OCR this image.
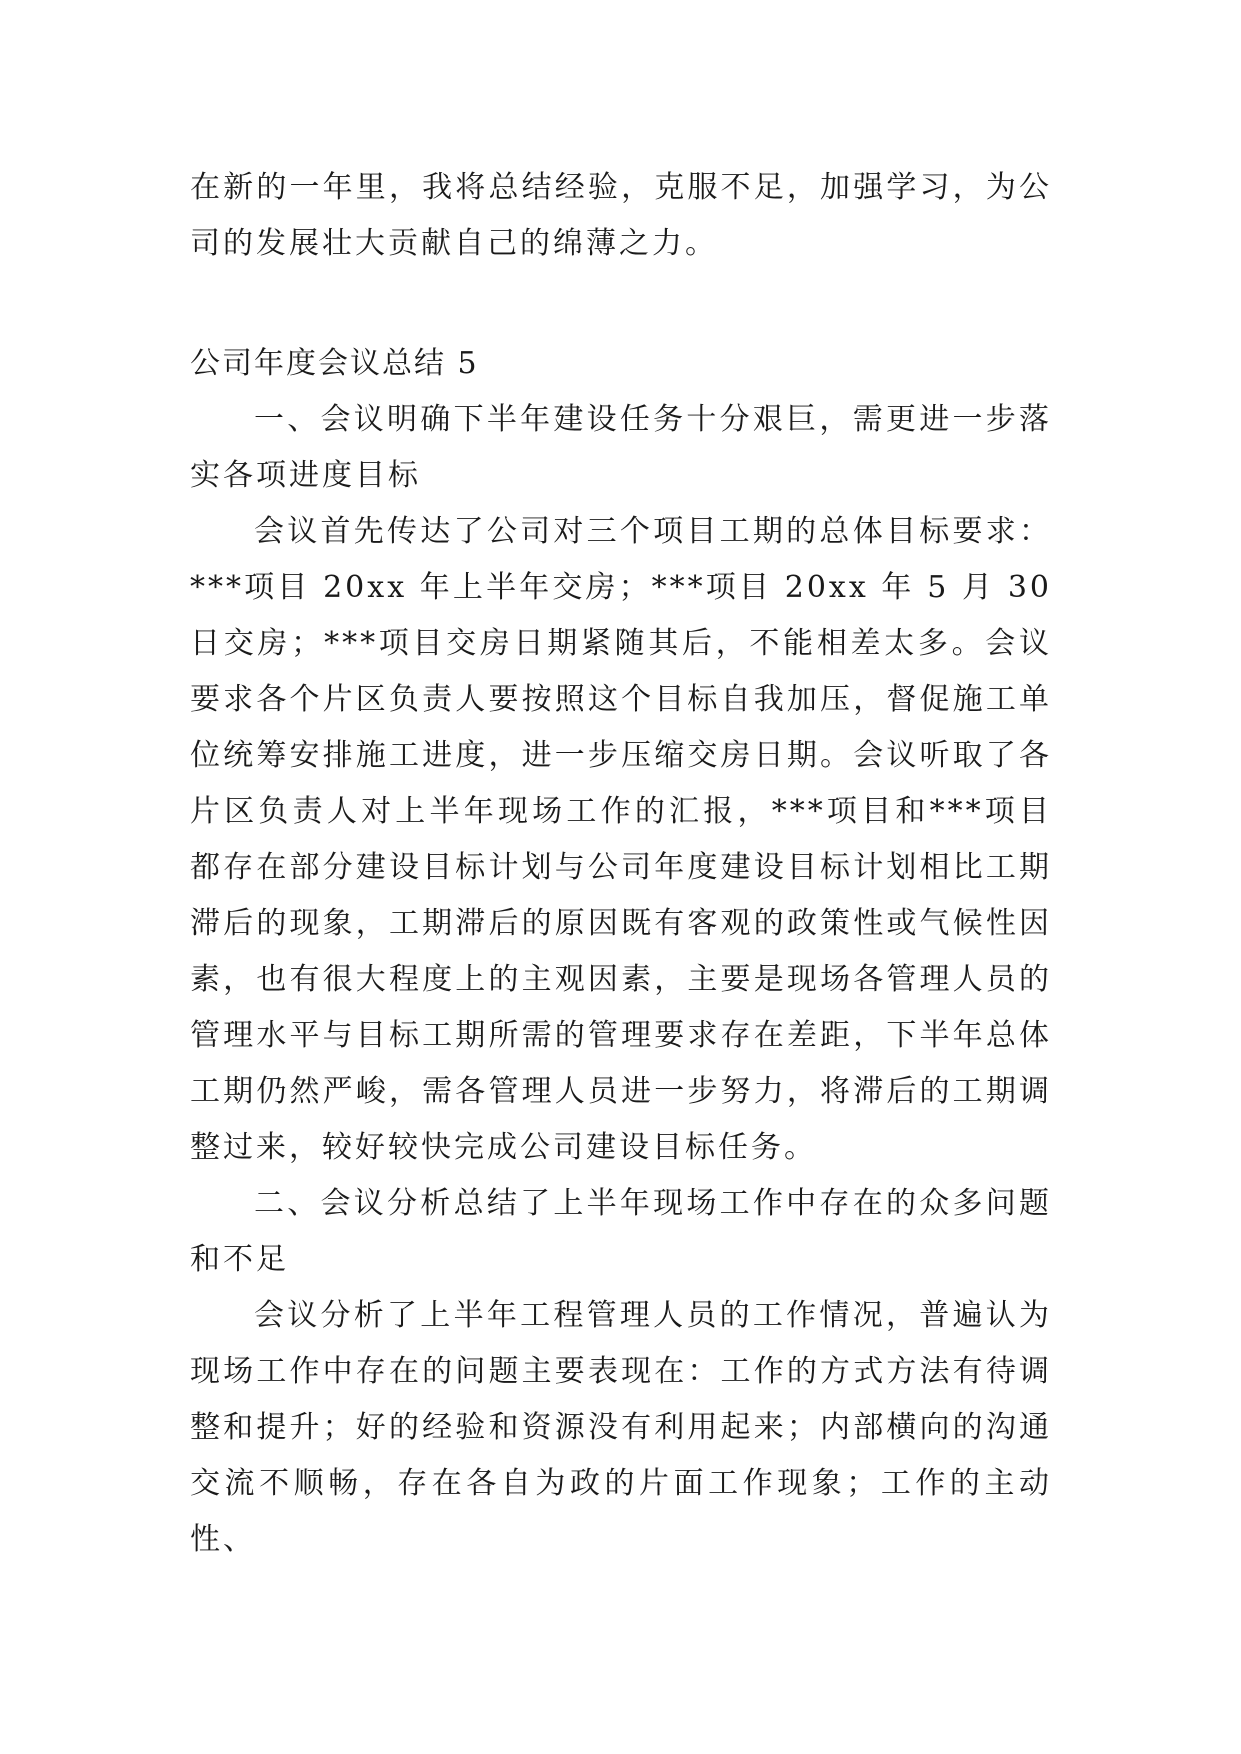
在新的一年里，我将总结经验，克服不足，加强学习，为公司的发展壮大贡献自己的绵薄之力。

公司年度会议总结 5

一、会议明确下半年建设任务十分艰巨，需更进一步落实各项进度目标

会议首先传达了公司对三个项目工期的总体目标要求：***项目 20xx 年上半年交房；***项目 20xx 年 5 月 30 日交房；***项目交房日期紧随其后，不能相差太多。会议要求各个片区负责人要按照这个目标自我加压，督促施工单位统筹安排施工进度，进一步压缩交房日期。会议听取了各片区负责人对上半年现场工作的汇报，***项目和***项目都存在部分建设目标计划与公司年度建设目标计划相比工期滞后的现象，工期滞后的原因既有客观的政策性或气候性因素，也有很大程度上的主观因素，主要是现场各管理人员的管理水平与目标工期所需的管理要求存在差距，下半年总体工期仍然严峻，需各管理人员进一步努力，将滞后的工期调整过来，较好较快完成公司建设目标任务。

二、会议分析总结了上半年现场工作中存在的众多问题和不足

会议分析了上半年工程管理人员的工作情况，普遍认为现场工作中存在的问题主要表现在：工作的方式方法有待调整和提升；好的经验和资源没有利用起来；内部横向的沟通交流不顺畅，存在各自为政的片面工作现象；工作的主动性、
